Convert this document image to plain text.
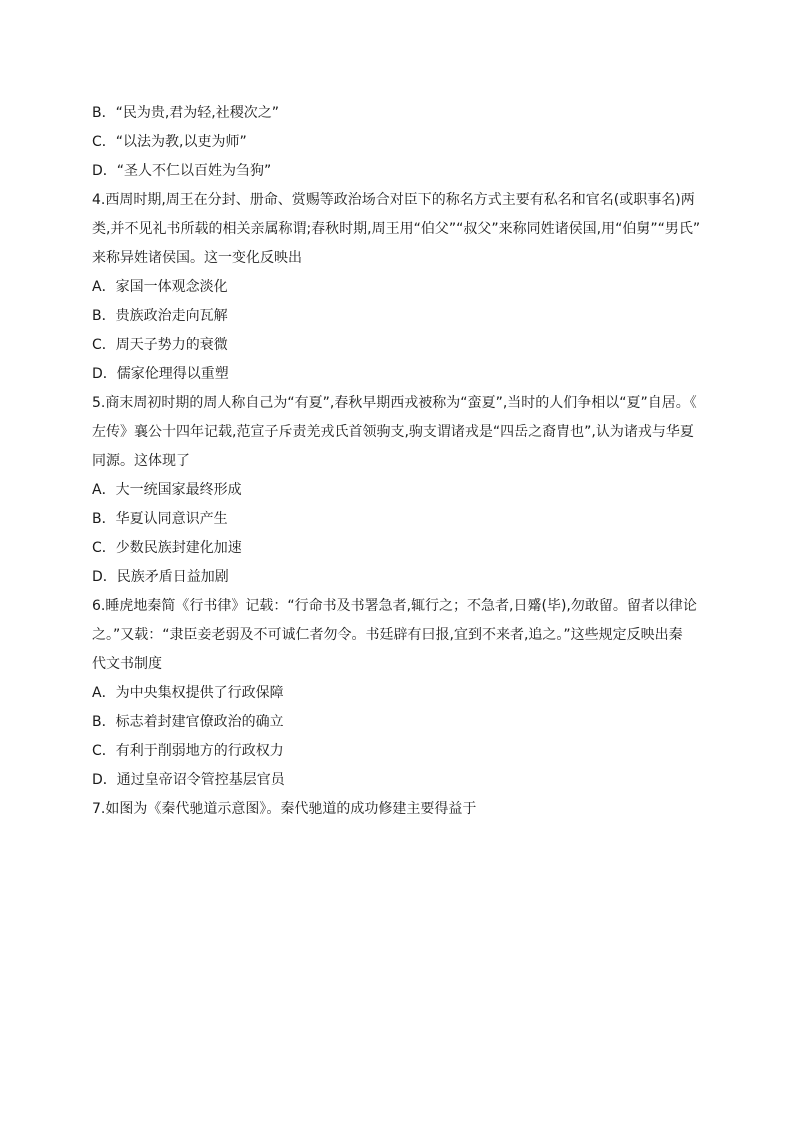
B．“民为贵,君为轻,社稷次之”

C．“以法为教,以吏为师”

D．“圣人不仁以百姓为刍狗”

4.西周时期,周王在分封、册命、赏赐等政治场合对臣下的称名方式主要有私名和官名(或职事名)两

类,并不见礼书所载的相关亲属称谓;春秋时期,周王用“伯父”“叔父”来称同姓诸侯国,用“伯舅”“男氏”

来称异姓诸侯国。这一变化反映出

A．家国一体观念淡化

B．贵族政治走向瓦解

C．周天子势力的衰微

D．儒家伦理得以重塑

5.商末周初时期的周人称自己为“有夏”,春秋早期西戎被称为“蛮夏”,当时的人们争相以“夏”自居。《

左传》襄公十四年记载,范宣子斥责羌戎氏首领驹支,驹支谓诸戎是“四岳之裔胄也”,认为诸戎与华夏

同源。这体现了

A．大一统国家最终形成

B．华夏认同意识产生

C．少数民族封建化加速

D．民族矛盾日益加剧

6.睡虎地秦简《行书律》记载：“行命书及书署急者,辄行之；不急者,日觱(毕),勿敢留。留者以律论

之。”又载：“隶臣妾老弱及不可诚仁者勿令。书廷辟有曰报,宜到不来者,追之。”这些规定反映出秦

代文书制度

A．为中央集权提供了行政保障

B．标志着封建官僚政治的确立

C．有利于削弱地方的行政权力

D．通过皇帝诏令管控基层官员

7.如图为《秦代驰道示意图》。秦代驰道的成功修建主要得益于
